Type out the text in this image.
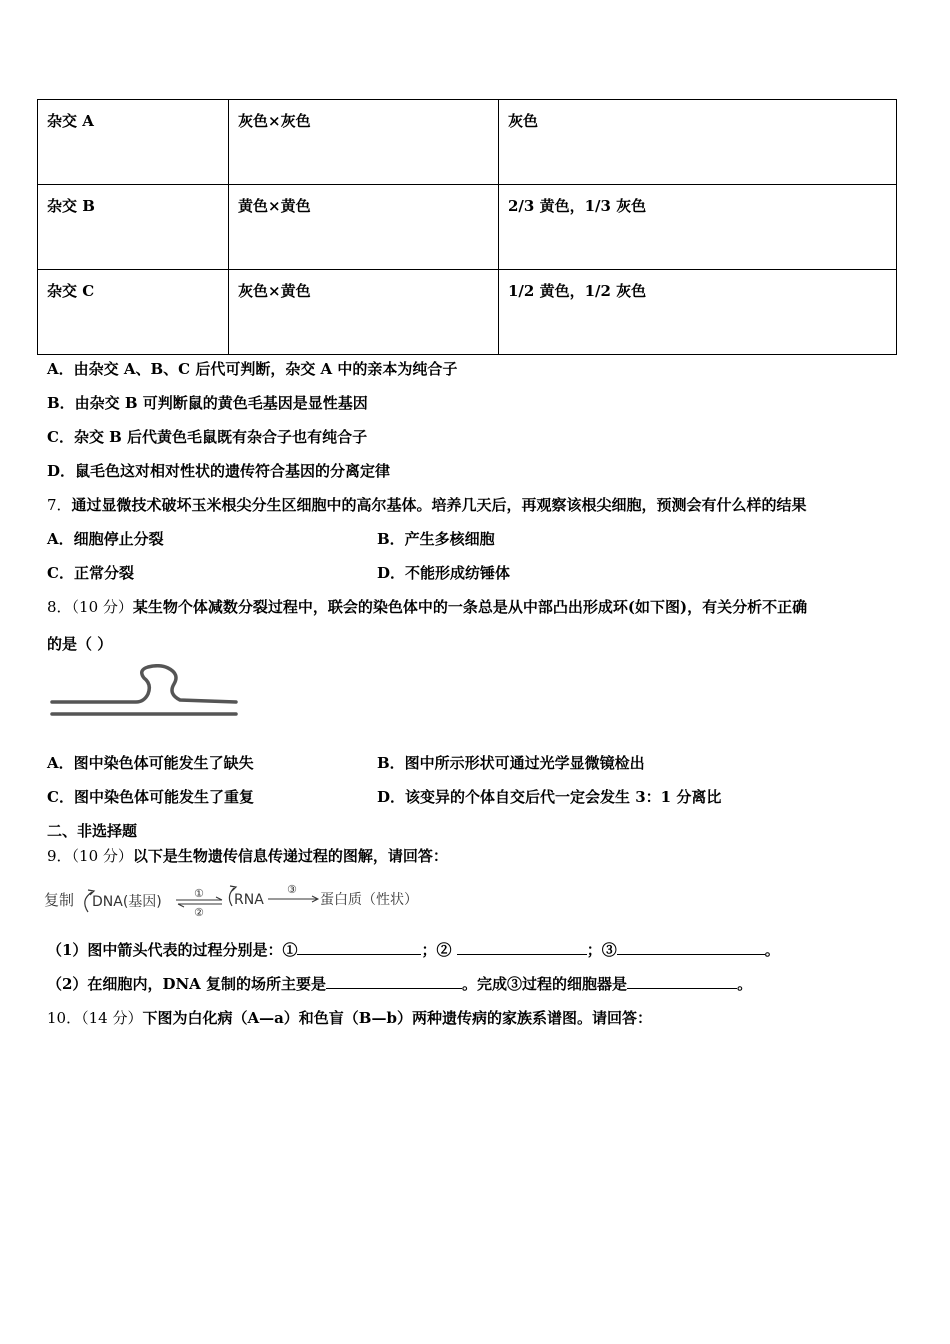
杂交 A	灰色×灰色	灰色
杂交 B	黄色×黄色	2/3 黄色，1/3 灰色
杂交 C	灰色×黄色	1/2 黄色，1/2 灰色
A．由杂交 A、B、C 后代可判断，杂交 A 中的亲本为纯合子
B．由杂交 B 可判断鼠的黄色毛基因是显性基因
C．杂交 B 后代黄色毛鼠既有杂合子也有纯合子
D．鼠毛色这对相对性状的遗传符合基因的分离定律
7．通过显微技术破坏玉米根尖分生区细胞中的高尔基体。培养几天后，再观察该根尖细胞，预测会有什么样的结果
A．细胞停止分裂	B．产生多核细胞
C．正常分裂	D．不能形成纺锤体
8．（10 分）某生物个体减数分裂过程中，联会的染色体中的一条总是从中部凸出形成环(如下图)，有关分析不正确
的是（ ）
A．图中染色体可能发生了缺失	B．图中所示形状可通过光学显微镜检出
C．图中染色体可能发生了重复	D．该变异的个体自交后代一定会发生 3：1 分离比
二、非选择题
9．（10 分）以下是生物遗传信息传递过程的图解，请回答：
复制 DNA(基因)
①
②
RNA
③
蛋白质（性状）
（1）图中箭头代表的过程分别是：①	；②	；③	。
（2）在细胞内，DNA 复制的场所主要是	。完成③过程的细胞器是	。
10．（14 分）下图为白化病（A—a）和色盲（B—b）两种遗传病的家族系谱图。请回答：
